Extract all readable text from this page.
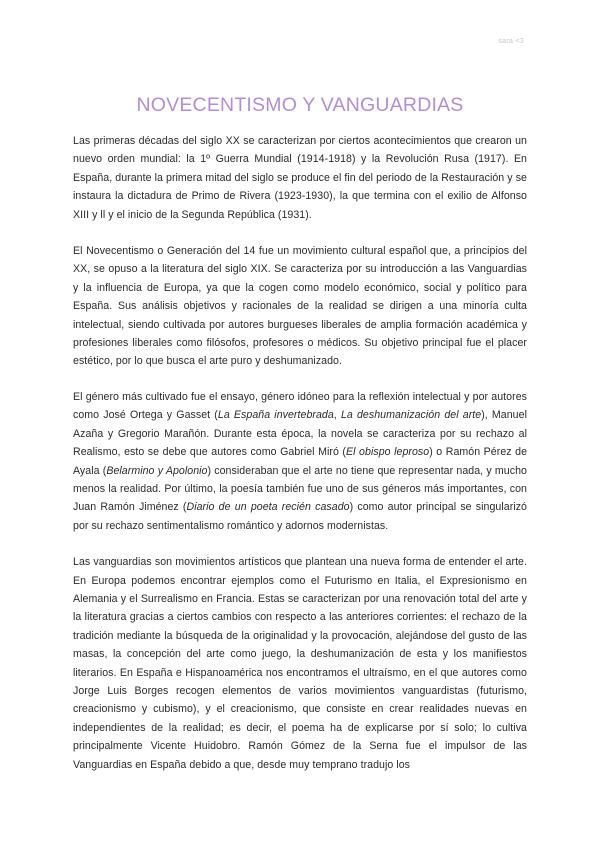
sara <3
NOVECENTISMO Y VANGUARDIAS

Las primeras décadas del siglo XX se caracterizan por ciertos acontecimientos que crearon un nuevo orden mundial: la 1º Guerra Mundial (1914-1918) y la Revolución Rusa (1917). En España, durante la primera mitad del siglo se produce el fin del periodo de la Restauración y se instaura la dictadura de Primo de Rivera (1923-1930), la que termina con el exilio de Alfonso XIII y ll y el inicio de la Segunda República (1931).

El Novecentismo o Generación del 14 fue un movimiento cultural español que, a principios del XX, se opuso a la literatura del siglo XIX. Se caracteriza por su introducción a las Vanguardias y la influencia de Europa, ya que la cogen como modelo económico, social y político para España. Sus análisis objetivos y racionales de la realidad se dirigen a una minoría culta intelectual, siendo cultivada por autores burgueses liberales de amplia formación académica y profesiones liberales como filósofos, profesores o médicos. Su objetivo principal fue el placer estético, por lo que busca el arte puro y deshumanizado.

El género más cultivado fue el ensayo, género idóneo para la reflexión intelectual y por autores como José Ortega y Gasset (La España invertebrada, La deshumanización del arte), Manuel Azaña y Gregorio Marañón. Durante esta época, la novela se caracteriza por su rechazo al Realismo, esto se debe que autores como Gabriel Miró (El obispo leproso) o Ramón Pérez de Ayala (Belarmino y Apolonio) consideraban que el arte no tiene que representar nada, y mucho menos la realidad. Por último, la poesía también fue uno de sus géneros más importantes, con Juan Ramón Jiménez (Diario de un poeta recién casado) como autor principal se singularizó por su rechazo sentimentalismo romántico y adornos modernistas.

Las vanguardias son movimientos artísticos que plantean una nueva forma de entender el arte. En Europa podemos encontrar ejemplos como el Futurismo en Italia, el Expresionismo en Alemania y el Surrealismo en Francia. Estas se caracterizan por una renovación total del arte y la literatura gracias a ciertos cambios con respecto a las anteriores corrientes: el rechazo de la tradición mediante la búsqueda de la originalidad y la provocación, alejándose del gusto de las masas, la concepción del arte como juego, la deshumanización de esta y los manifiestos literarios. En España e Hispanoamérica nos encontramos el ultraísmo, en el que autores como Jorge Luis Borges recogen elementos de varios movimientos vanguardistas (futurismo, creacionismo y cubismo), y el creacionismo, que consiste en crear realidades nuevas en independientes de la realidad; es decir, el poema ha de explicarse por sí solo; lo cultiva principalmente Vicente Huidobro. Ramón Gómez de la Serna fue el impulsor de las Vanguardias en España debido a que, desde muy temprano tradujo los
